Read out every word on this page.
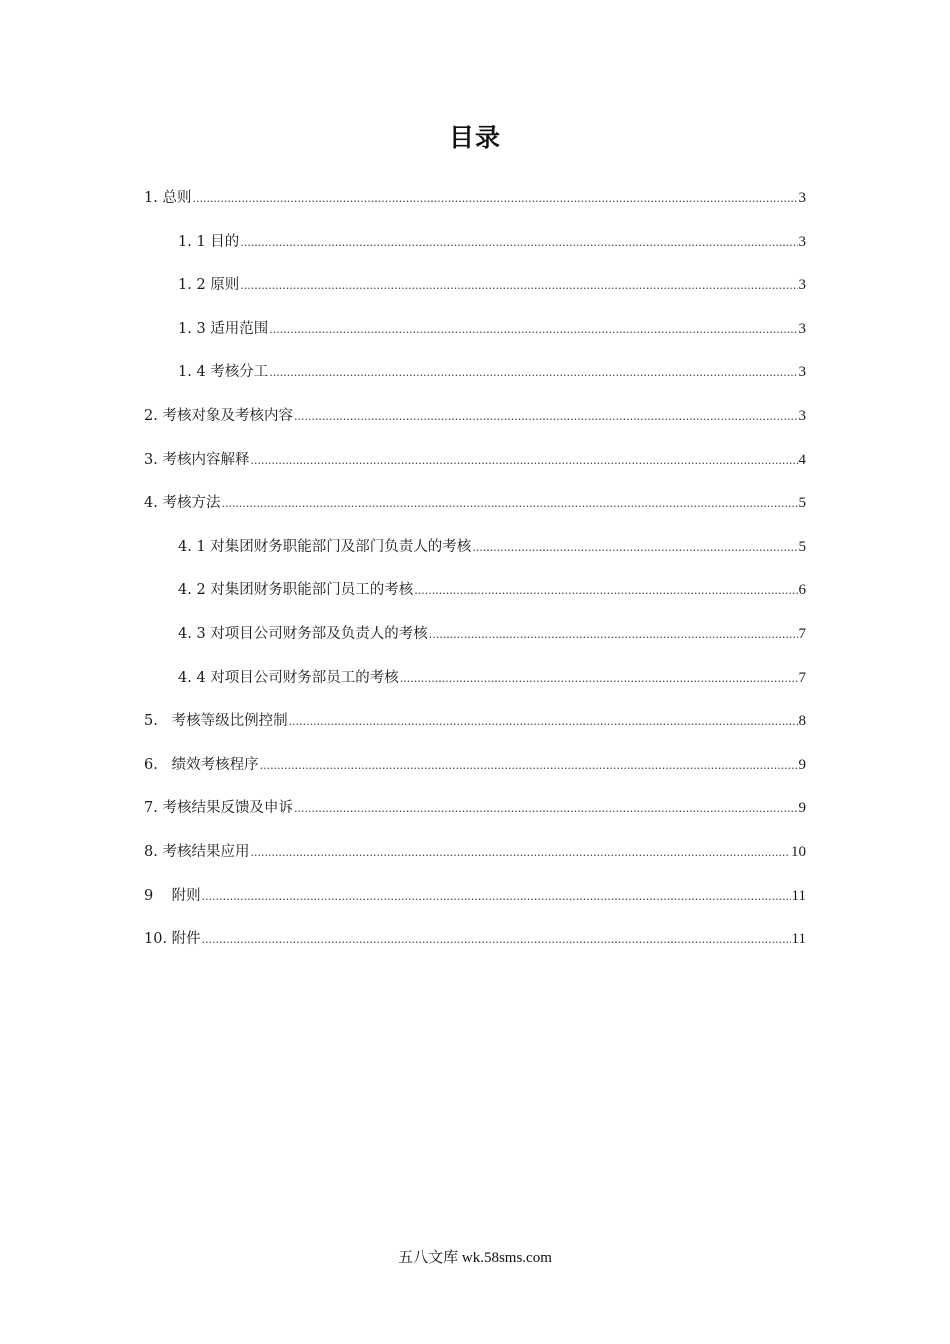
目录
1. 总则 .....	3
1. 1 目的 .....	3
1. 2 原则 .....	3
1. 3 适用范围 .....	3
1. 4 考核分工 .....	3
2. 考核对象及考核内容 .....	3
3. 考核内容解释 .....	4
4. 考核方法 .....	5
4. 1 对集团财务职能部门及部门负责人的考核 .....	5
4. 2 对集团财务职能部门员工的考核 .....	6
4. 3 对项目公司财务部及负责人的考核 .....	7
4. 4 对项目公司财务部员工的考核 .....	7
5.   考核等级比例控制 .....	8
6.   绩效考核程序 .....	9
7. 考核结果反馈及申诉 .....	9
8. 考核结果应用 .....	10
9    附则 .....	11
10. 附件 .....	11
五八文库 wk.58sms.com
